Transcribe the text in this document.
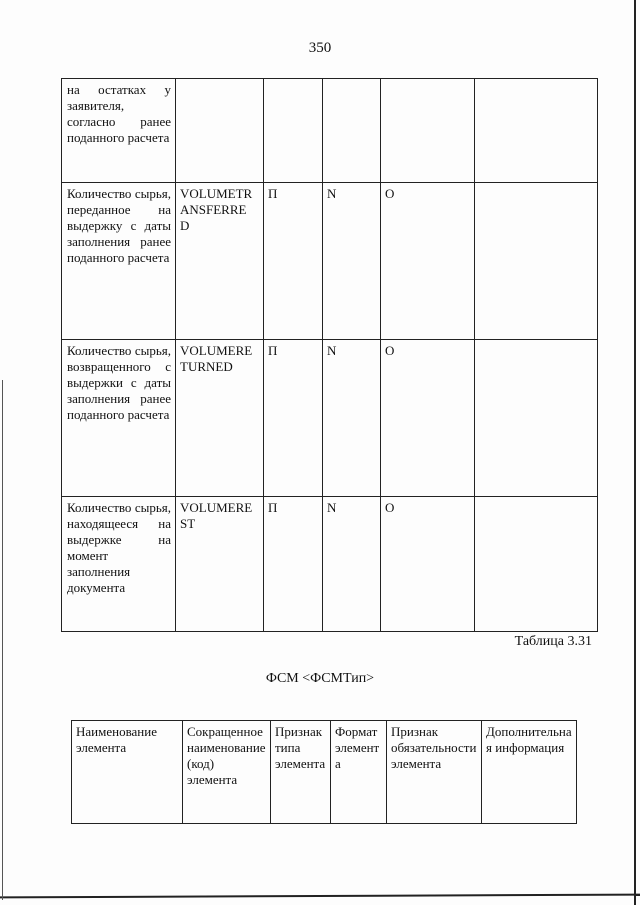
350
на остатках у заявителя, согласно ранее поданного расчета					
Количество сырья, переданное на выдержку с даты заполнения ранее поданного расчета	VOLUMETR ANSFERRE D	П	N	О	
Количество сырья, возвращенного с выдержки с даты заполнения ранее поданного расчета	VOLUMERE TURNED	П	N	О	
Количество сырья, находящееся на выдержке на момент заполнения документа	VOLUMERE ST	П	N	О	
Таблица 3.31
ФСМ <ФСМТип>
Наименование элемента	Сокращенное наименование (код) элемента	Признак типа элемента	Формат элемента	Признак обязательности элемента	Дополнительная информация
